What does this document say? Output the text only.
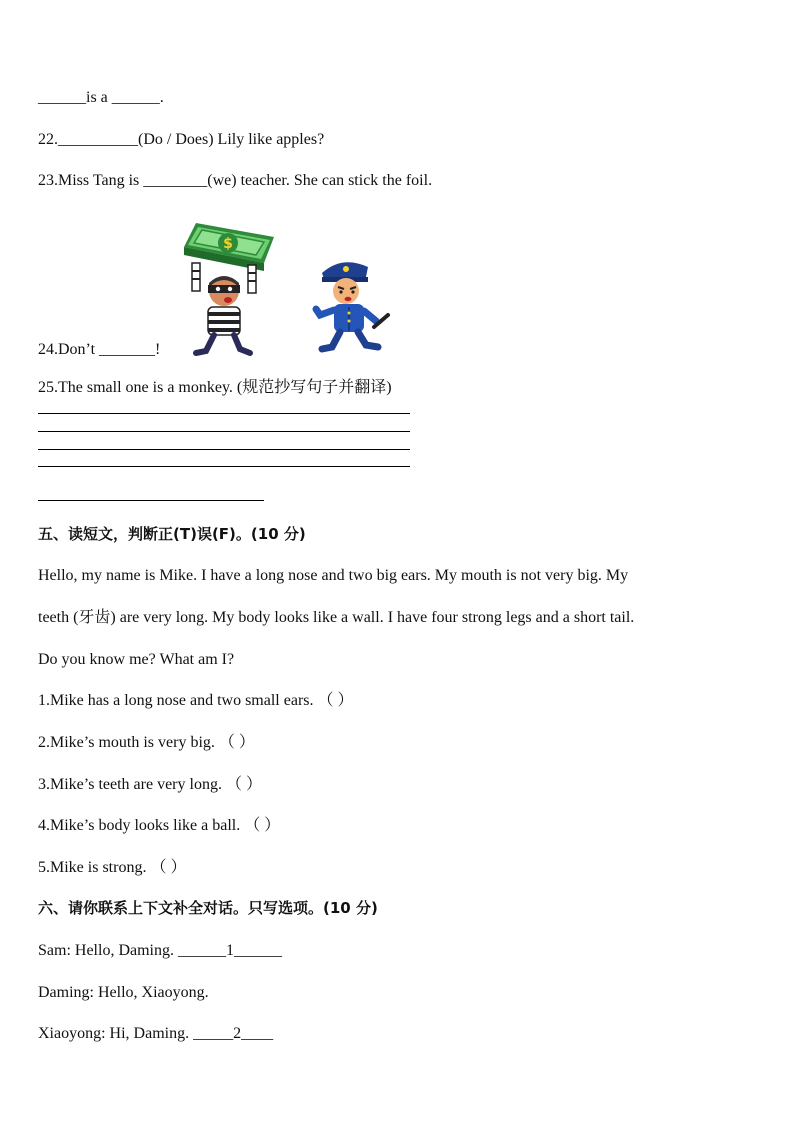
______is a ______.
22.__________(Do / Does) Lily like apples?
23.Miss Tang is ________(we) teacher. She can stick the foil.
$
24.Don’t _______!
25.The small one is a monkey. (规范抄写句子并翻译)
五、读短文，判断正(T)误(F)。(10 分)
Hello, my name is Mike. I have a long nose and two big ears. My mouth is not very big. My
teeth (牙齿) are very long. My body looks like a wall. I have four strong legs and a short tail.
Do you know me? What am I?
1.Mike has a long nose and two small ears. （ ）
2.Mike’s mouth is very big. （ ）
3.Mike’s teeth are very long. （ ）
4.Mike’s body looks like a ball. （ ）
5.Mike is strong. （ ）
六、请你联系上下文补全对话。只写选项。(10 分)
Sam: Hello, Daming. ______1______
Daming: Hello, Xiaoyong.
Xiaoyong: Hi, Daming. _____2____
